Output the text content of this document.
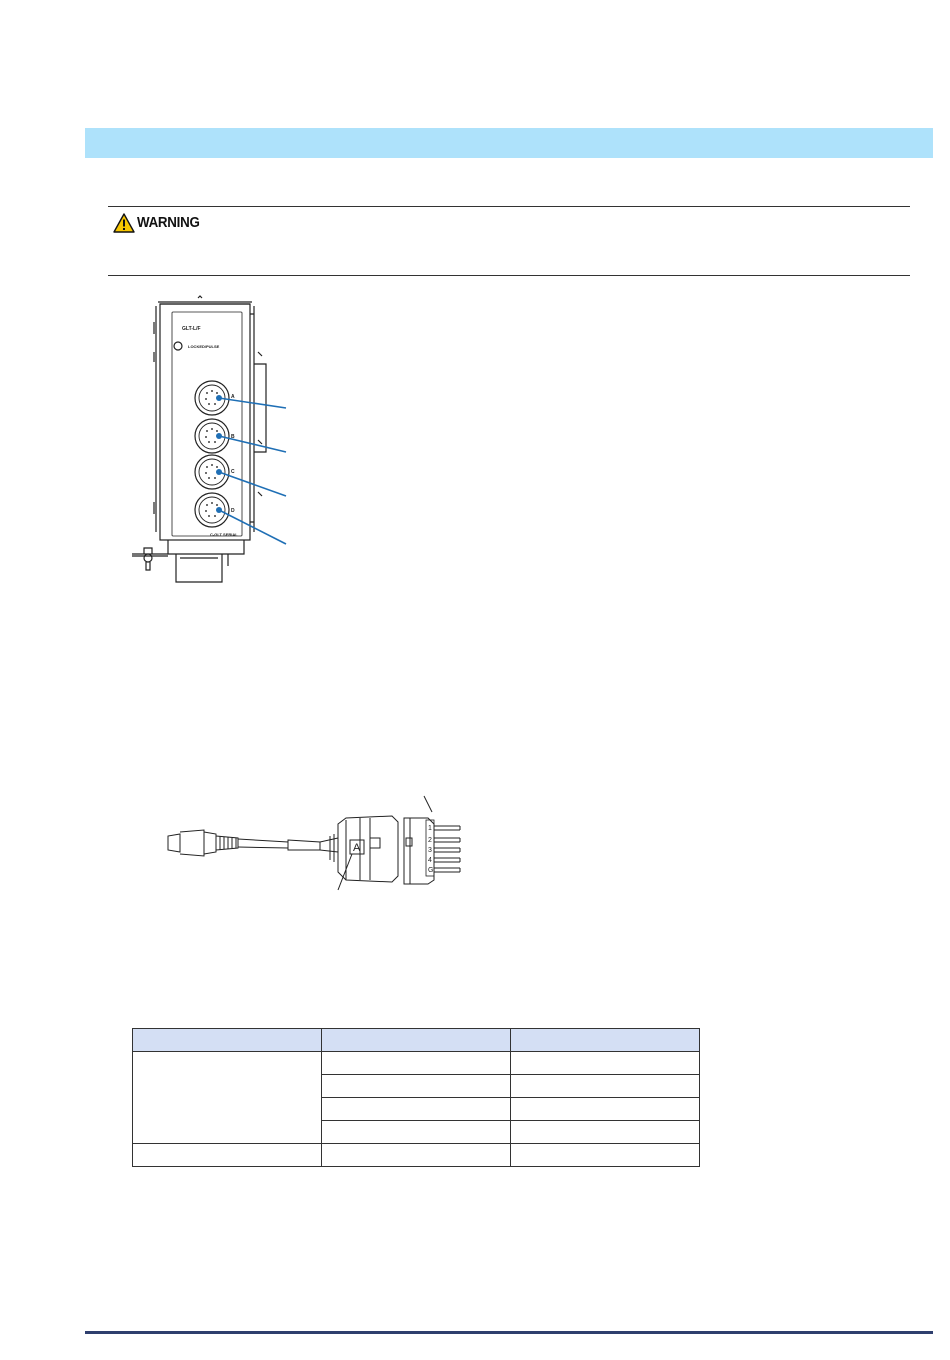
WARNING
GLT-L/F
LOCKED/PULSE
C-GLT SERIAL
A
B
C
D
A
1
2
3
4
G
